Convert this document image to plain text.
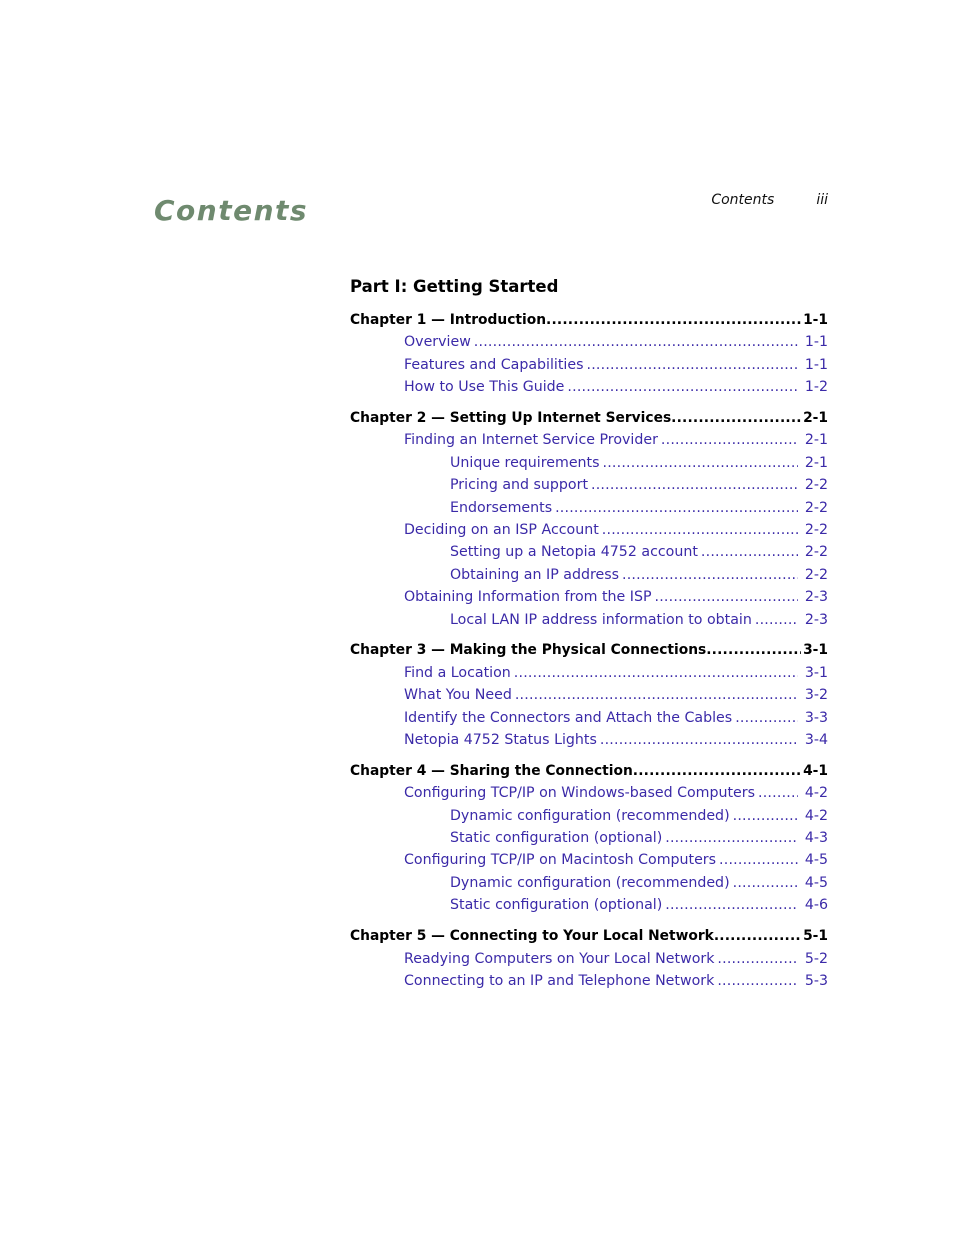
Contents	Contents	iii
Part I: Getting Started
Chapter 1 — Introduction .....	1-1
Overview .....	1-1
Features and Capabilities .....	1-1
How to Use This Guide .....	1-2
Chapter 2 — Setting Up Internet Services .....	2-1
Finding an Internet Service Provider .....	2-1
Unique requirements .....	2-1
Pricing and support .....	2-2
Endorsements .....	2-2
Deciding on an ISP Account .....	2-2
Setting up a Netopia 4752 account .....	2-2
Obtaining an IP address .....	2-2
Obtaining Information from the ISP .....	2-3
Local LAN IP address information to obtain .....	2-3
Chapter 3 — Making the Physical Connections .....	3-1
Find a Location .....	3-1
What You Need .....	3-2
Identify the Connectors and Attach the Cables .....	3-3
Netopia 4752 Status Lights .....	3-4
Chapter 4 — Sharing the Connection .....	4-1
Configuring TCP/IP on Windows-based Computers .....	4-2
Dynamic configuration (recommended) .....	4-2
Static configuration (optional) .....	4-3
Configuring TCP/IP on Macintosh Computers .....	4-5
Dynamic configuration (recommended) .....	4-5
Static configuration (optional) .....	4-6
Chapter 5 — Connecting to Your Local Network .....	5-1
Readying Computers on Your Local Network .....	5-2
Connecting to an IP and Telephone Network .....	5-3
